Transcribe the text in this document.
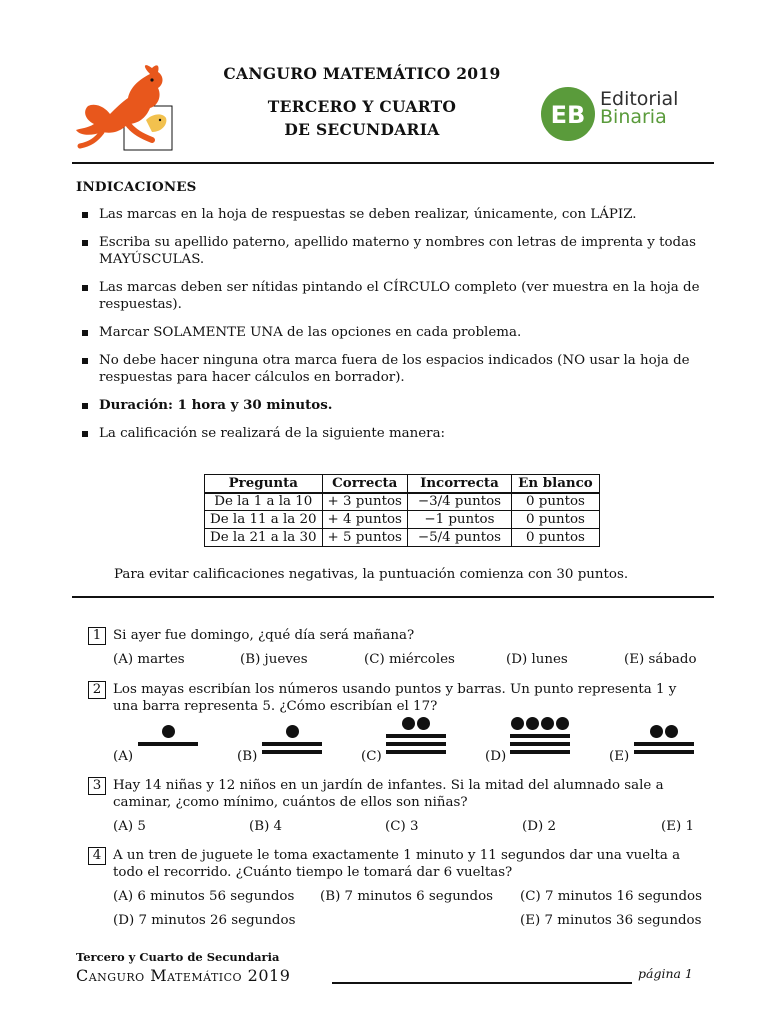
CANGURO MATEMÁTICO 2019
TERCERO Y CUARTO
DE SECUNDARIA
EB
Editorial
Binaria
INDICACIONES
Las marcas en la hoja de respuestas se deben realizar, únicamente, con LÁPIZ.
Escriba su apellido paterno, apellido materno y nombres con letras de imprenta y todas MAYÚSCULAS.
Las marcas deben ser nítidas pintando el CÍRCULO completo (ver muestra en la hoja de respuestas).
Marcar SOLAMENTE UNA de las opciones en cada problema.
No debe hacer ninguna otra marca fuera de los espacios indicados (NO usar la hoja de respuestas para hacer cálculos en borrador).
Duración: 1 hora y 30 minutos.
La calificación se realizará de la siguiente manera:
Pregunta	Correcta	Incorrecta	En blanco
De la 1 a la 10	+ 3 puntos	−3/4 puntos	0 puntos
De la 11 a la 20	+ 4 puntos	−1 puntos	0 puntos
De la 21 a la 30	+ 5 puntos	−5/4 puntos	0 puntos
Para evitar calificaciones negativas, la puntuación comienza con 30 puntos.
1 Si ayer fue domingo, ¿qué día será mañana?
(A) martes	(B) jueves	(C) miércoles	(D) lunes	(E) sábado
2 Los mayas escribían los números usando puntos y barras. Un punto representa 1 y una barra representa 5. ¿Cómo escribían el 17?
(A)	(B)	(C)	(D)	(E)
3 Hay 14 niñas y 12 niños en un jardín de infantes. Si la mitad del alumnado sale a caminar, ¿como mínimo, cuántos de ellos son niñas?
(A) 5	(B) 4	(C) 3	(D) 2	(E) 1
4 A un tren de juguete le toma exactamente 1 minuto y 11 segundos dar una vuelta a todo el recorrido. ¿Cuánto tiempo le tomará dar 6 vueltas?
(A) 6 minutos 56 segundos (B) 7 minutos 6 segundos (C) 7 minutos 16 segundos
(D) 7 minutos 26 segundos	(E) 7 minutos 36 segundos
Tercero y Cuarto de Secundaria
Canguro Matemático 2019	página 1
